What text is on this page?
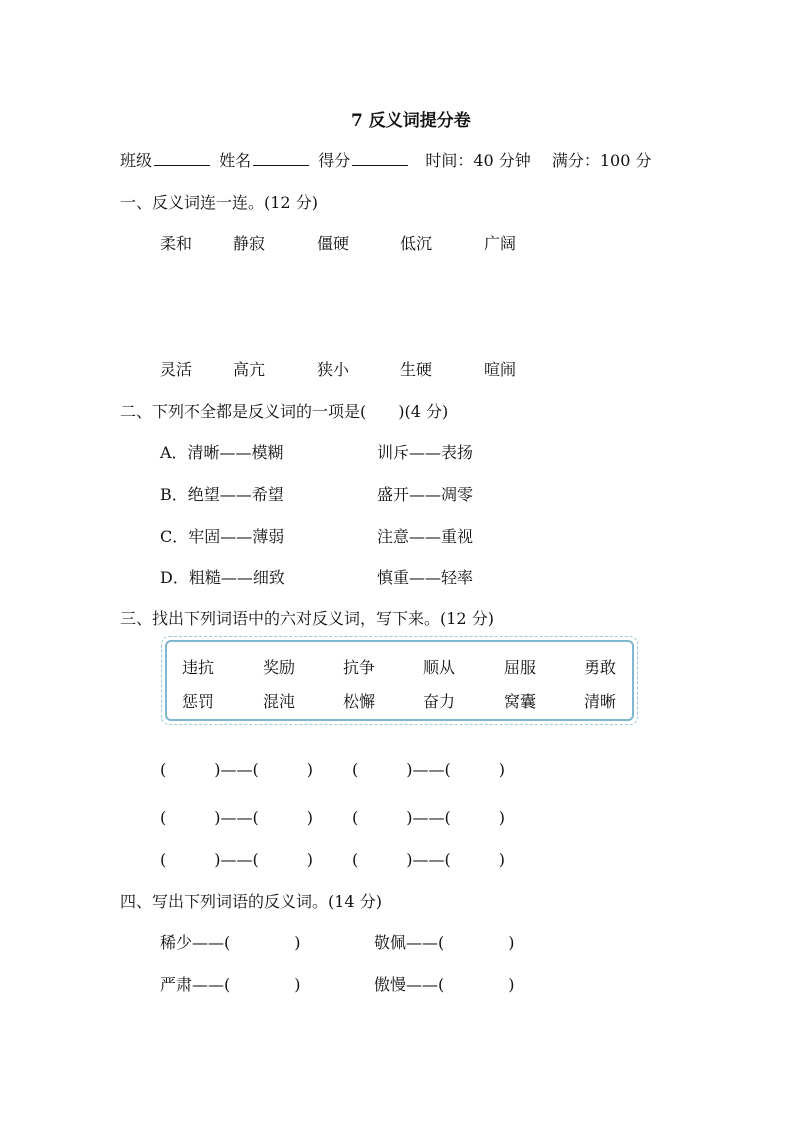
7 反义词提分卷
班级	姓名	得分	时间：40 分钟 满分：100 分
一、反义词连一连。(12 分)
柔和	静寂	僵硬	低沉	广阔
灵活	高亢	狭小	生硬	喧闹
二、下列不全都是反义词的一项是(　　)(4 分)
A．清晰——模糊	训斥——表扬
B．绝望——希望	盛开——凋零
C．牢固——薄弱	注意——重视
D．粗糙——细致	慎重——轻率
三、找出下列词语中的六对反义词，写下来。(12 分)
违抗	奖励	抗争	顺从	屈服	勇敢
惩罚	混沌	松懈	奋力	窝囊	清晰
(　　　)——(　　　) (　　　)——(　　　)
(　　　)——(　　　) (　　　)——(　　　)
(　　　)——(　　　) (　　　)——(　　　)
四、写出下列词语的反义词。(14 分)
稀少——(　　　　)	敬佩——(　　　　)
严肃——(　　　　)	傲慢——(　　　　)
